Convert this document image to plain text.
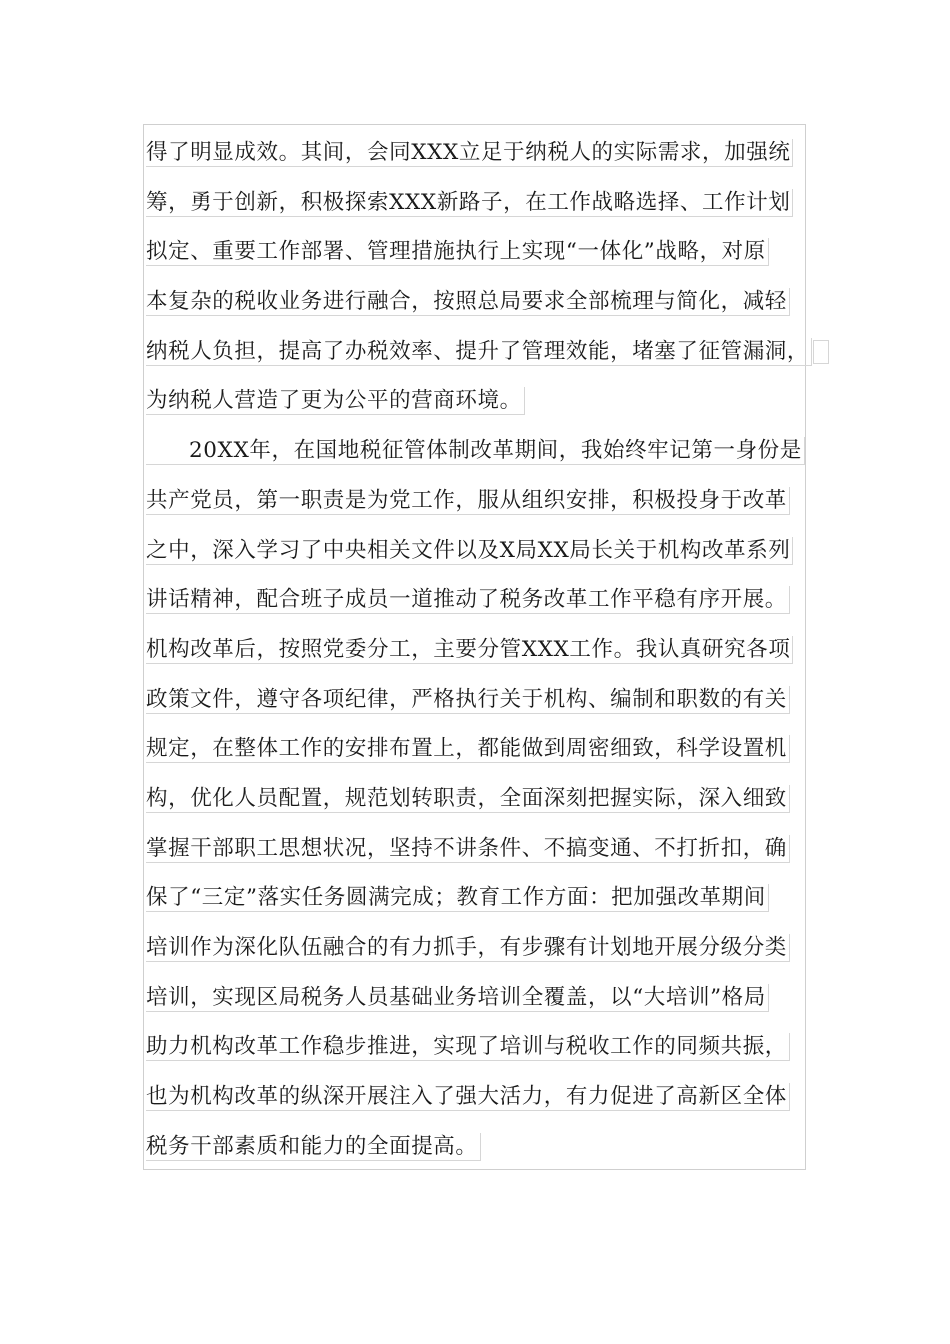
得了明显成效。其间，会同XXX立足于纳税人的实际需求，加强统
筹，勇于创新，积极探索XXX新路子，在工作战略选择、工作计划
拟定、重要工作部署、管理措施执行上实现“一体化”战略，对原
本复杂的税收业务进行融合，按照总局要求全部梳理与简化，减轻
纳税人负担，提高了办税效率、提升了管理效能，堵塞了征管漏洞，
为纳税人营造了更为公平的营商环境。
20XX年，在国地税征管体制改革期间，我始终牢记第一身份是
共产党员，第一职责是为党工作，服从组织安排，积极投身于改革
之中，深入学习了中央相关文件以及X局XX局长关于机构改革系列
讲话精神，配合班子成员一道推动了税务改革工作平稳有序开展。
机构改革后，按照党委分工，主要分管XXX工作。我认真研究各项
政策文件，遵守各项纪律，严格执行关于机构、编制和职数的有关
规定，在整体工作的安排布置上，都能做到周密细致，科学设置机
构，优化人员配置，规范划转职责，全面深刻把握实际，深入细致
掌握干部职工思想状况，坚持不讲条件、不搞变通、不打折扣，确
保了“三定”落实任务圆满完成；教育工作方面：把加强改革期间
培训作为深化队伍融合的有力抓手，有步骤有计划地开展分级分类
培训，实现区局税务人员基础业务培训全覆盖，以“大培训”格局
助力机构改革工作稳步推进，实现了培训与税收工作的同频共振，
也为机构改革的纵深开展注入了强大活力，有力促进了高新区全体
税务干部素质和能力的全面提高。
